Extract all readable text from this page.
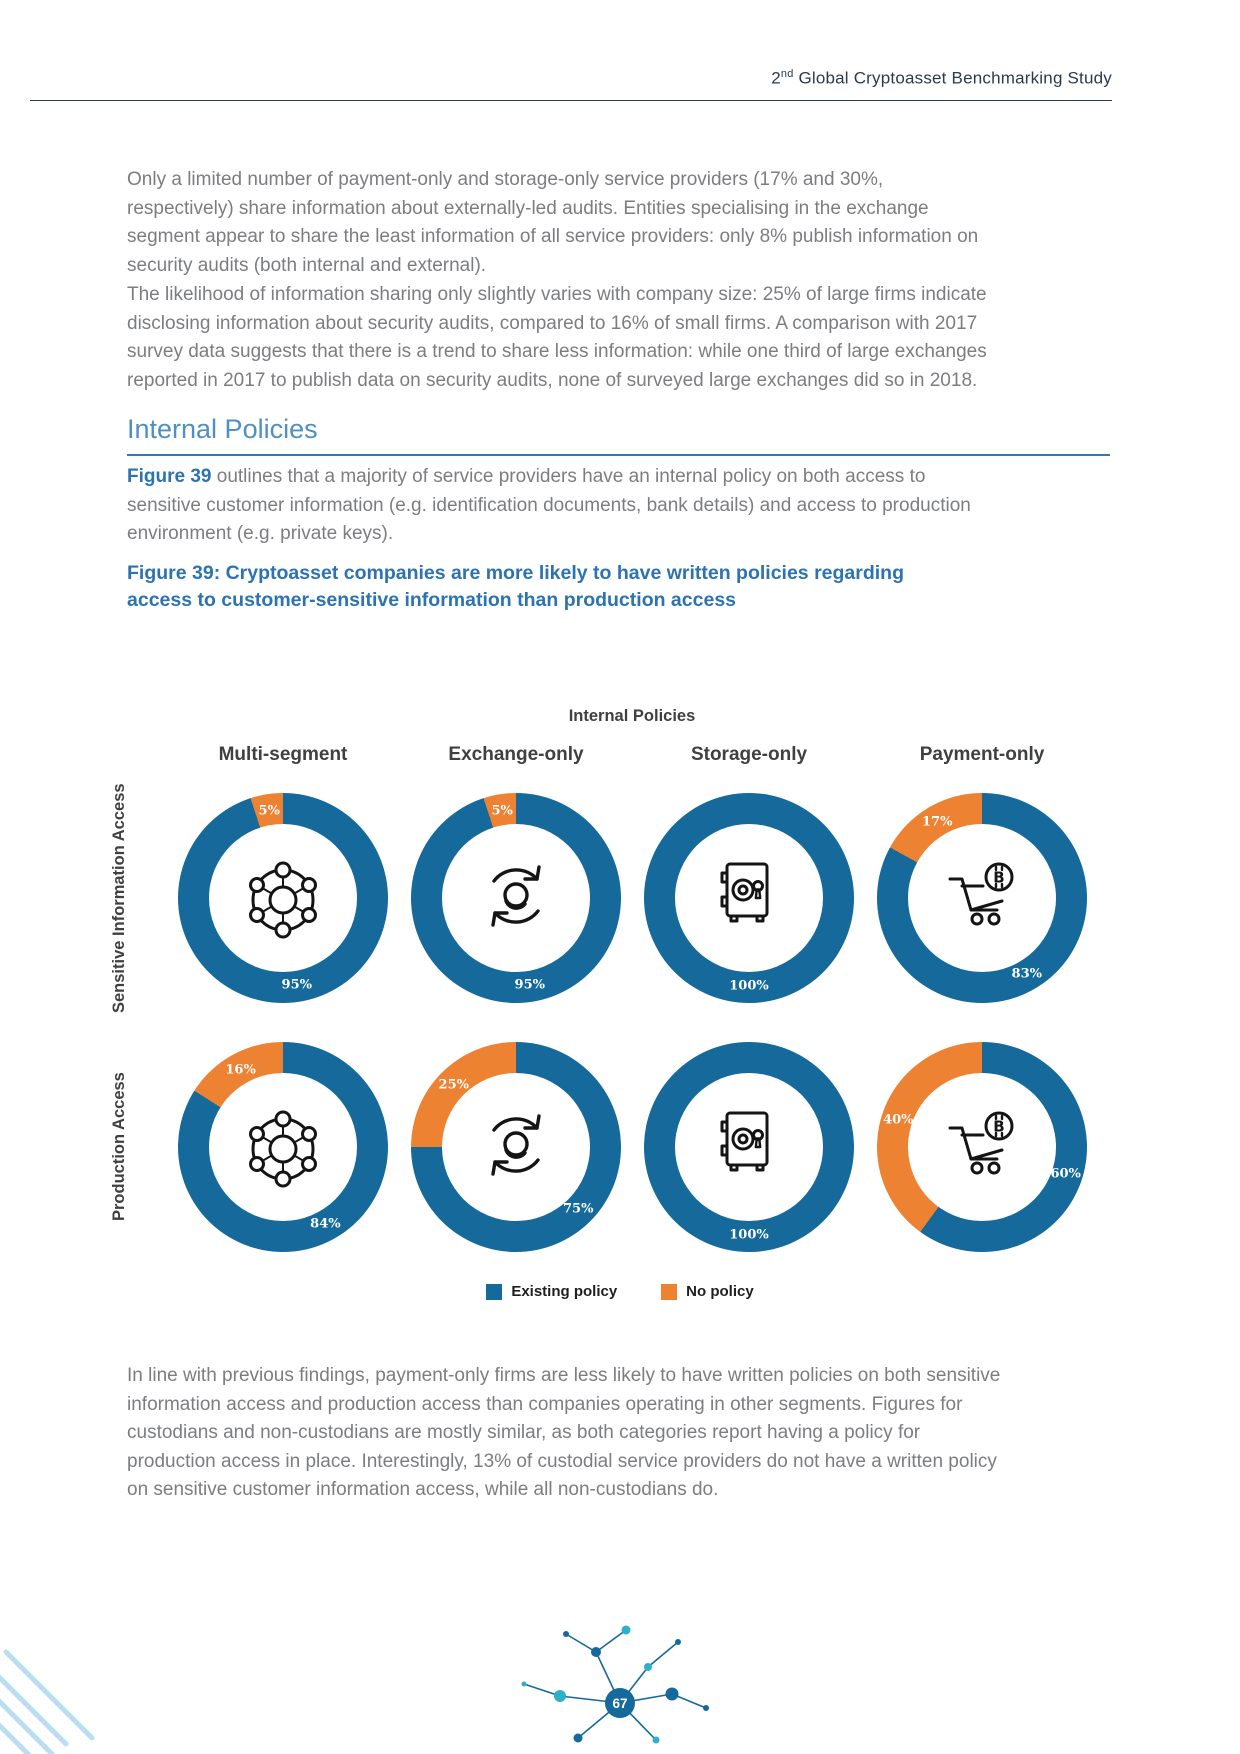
2nd Global Cryptoasset Benchmarking Study

Only a limited number of payment-only and storage-only service providers (17% and 30%, respectively) share information about externally-led audits. Entities specialising in the exchange segment appear to share the least information of all service providers: only 8% publish information on security audits (both internal and external).

The likelihood of information sharing only slightly varies with company size: 25% of large firms indicate disclosing information about security audits, compared to 16% of small firms. A comparison with 2017 survey data suggests that there is a trend to share less information: while one third of large exchanges reported in 2017 to publish data on security audits, none of surveyed large exchanges did so in 2018.

Internal Policies

Figure 39 outlines that a majority of service providers have an internal policy on both access to sensitive customer information (e.g. identification documents, bank details) and access to production environment (e.g. private keys).

Figure 39: Cryptoasset companies are more likely to have written policies regarding access to customer-sensitive information than production access
Internal Policies
Multi-segment	Exchange-only	Storage-only	Payment-only
Sensitive Information Access
Production Access
95%
5%
95%
5%
100%
83%
17%
84%
16%
75%
25%
100%
60%
40%
Existing policy	No policy

In line with previous findings, payment-only firms are less likely to have written policies on both sensitive information access and production access than companies operating in other segments. Figures for custodians and non-custodians are mostly similar, as both categories report having a policy for production access in place. Interestingly, 13% of custodial service providers do not have a written policy on sensitive customer information access, while all non-custodians do.

67
